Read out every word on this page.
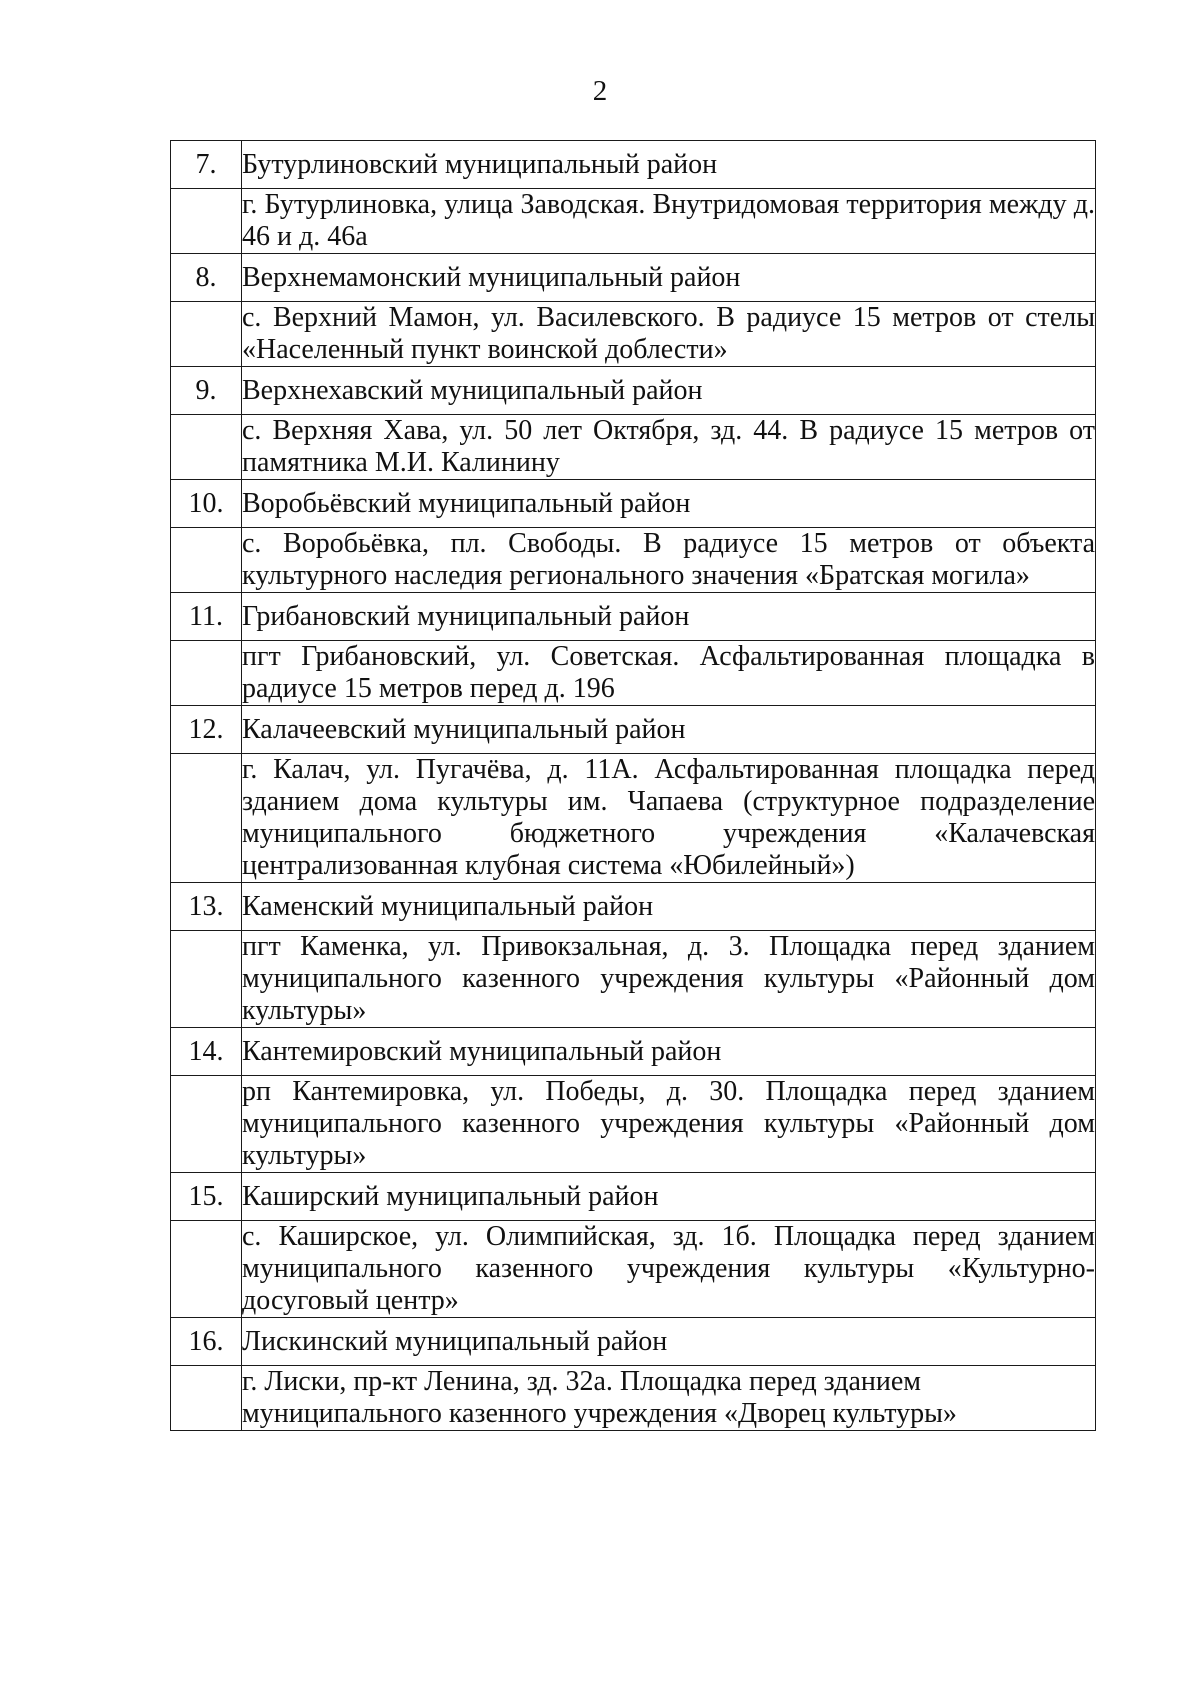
2
7.	Бутурлиновский муниципальный район
	г. Бутурлиновка, улица Заводская. Внутридомовая территория между д. 46 и д. 46а
8.	Верхнемамонский муниципальный район
	с. Верхний Мамон, ул. Василевского. В радиусе 15 метров от стелы «Населенный пункт воинской доблести»
9.	Верхнехавский муниципальный район
	с. Верхняя Хава, ул. 50 лет Октября, зд. 44. В радиусе 15 метров от памятника М.И. Калинину
10.	Воробьёвский муниципальный район
	с. Воробьёвка, пл. Свободы. В радиусе 15 метров от объекта культурного наследия регионального значения «Братская могила»
11.	Грибановский муниципальный район
	пгт Грибановский, ул. Советская. Асфальтированная площадка в радиусе 15 метров перед д. 196
12.	Калачеевский муниципальный район
	г. Калач, ул. Пугачёва, д. 11А. Асфальтированная площадка перед зданием дома культуры им. Чапаева (структурное подразделение муниципального бюджетного учреждения «Калачевская централизованная клубная система «Юбилейный»)
13.	Каменский муниципальный район
	пгт Каменка, ул. Привокзальная, д. 3. Площадка перед зданием муниципального казенного учреждения культуры «Районный дом культуры»
14.	Кантемировский муниципальный район
	рп Кантемировка, ул. Победы, д. 30. Площадка перед зданием муниципального казенного учреждения культуры «Районный дом культуры»
15.	Каширский муниципальный район
	с. Каширское, ул. Олимпийская, зд. 1б. Площадка перед зданием муниципального казенного учреждения культуры «Культурно-досуговый центр»
16.	Лискинский муниципальный район
	г. Лиски, пр-кт Ленина, зд. 32а. Площадка перед зданием муниципального казенного учреждения «Дворец культуры»
